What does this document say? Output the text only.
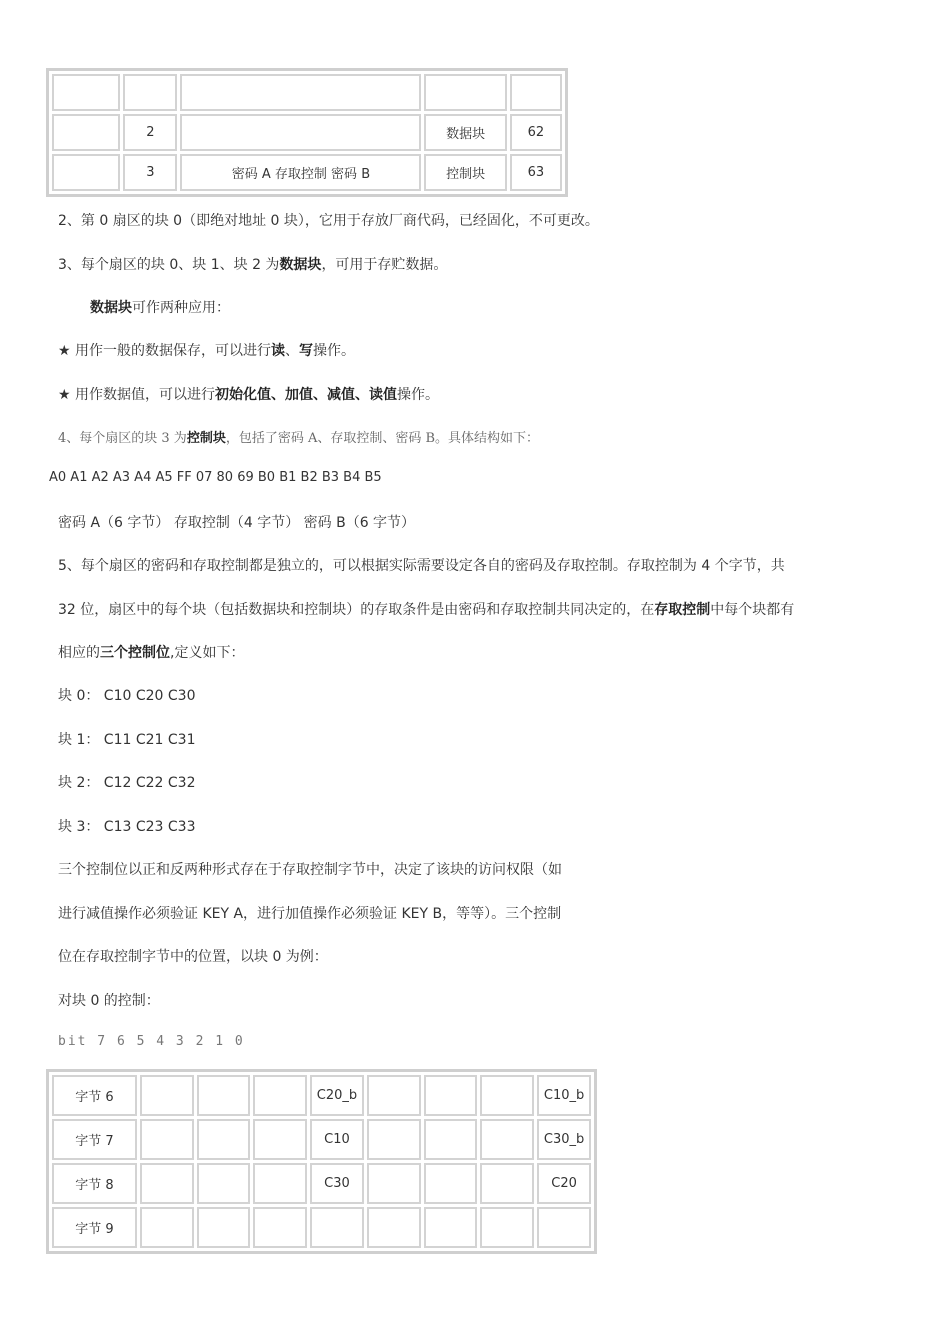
	2		数据块	62
	3	密码 A 存取控制 密码 B	控制块	63
2、第 0 扇区的块 0（即绝对地址 0 块），它用于存放厂商代码，已经固化，不可更改。
3、每个扇区的块 0、块 1、块 2 为数据块，可用于存贮数据。
数据块可作两种应用：
★ 用作一般的数据保存，可以进行读、写操作。
★ 用作数据值，可以进行初始化值、加值、减值、读值操作。
4、每个扇区的块 3 为控制块，包括了密码 A、存取控制、密码 B。具体结构如下：
A0 A1 A2 A3 A4 A5 FF 07 80 69 B0 B1 B2 B3 B4 B5
密码 A（6 字节） 存取控制（4 字节） 密码 B（6 字节）
5、每个扇区的密码和存取控制都是独立的，可以根据实际需要设定各自的密码及存取控制。存取控制为 4 个字节，共
32 位，扇区中的每个块（包括数据块和控制块）的存取条件是由密码和存取控制共同决定的，在存取控制中每个块都有
相应的三个控制位,定义如下：
块 0： C10 C20 C30
块 1： C11 C21 C31
块 2： C12 C22 C32
块 3： C13 C23 C33
三个控制位以正和反两种形式存在于存取控制字节中，决定了该块的访问权限（如
进行减值操作必须验证 KEY A，进行加值操作必须验证 KEY B，等等）。三个控制
位在存取控制字节中的位置，以块 0 为例：
对块 0 的控制：
bit 7 6 5 4 3 2 1 0
字节 6				C20_b				C10_b
字节 7				C10				C30_b
字节 8				C30				C20
字节 9								
